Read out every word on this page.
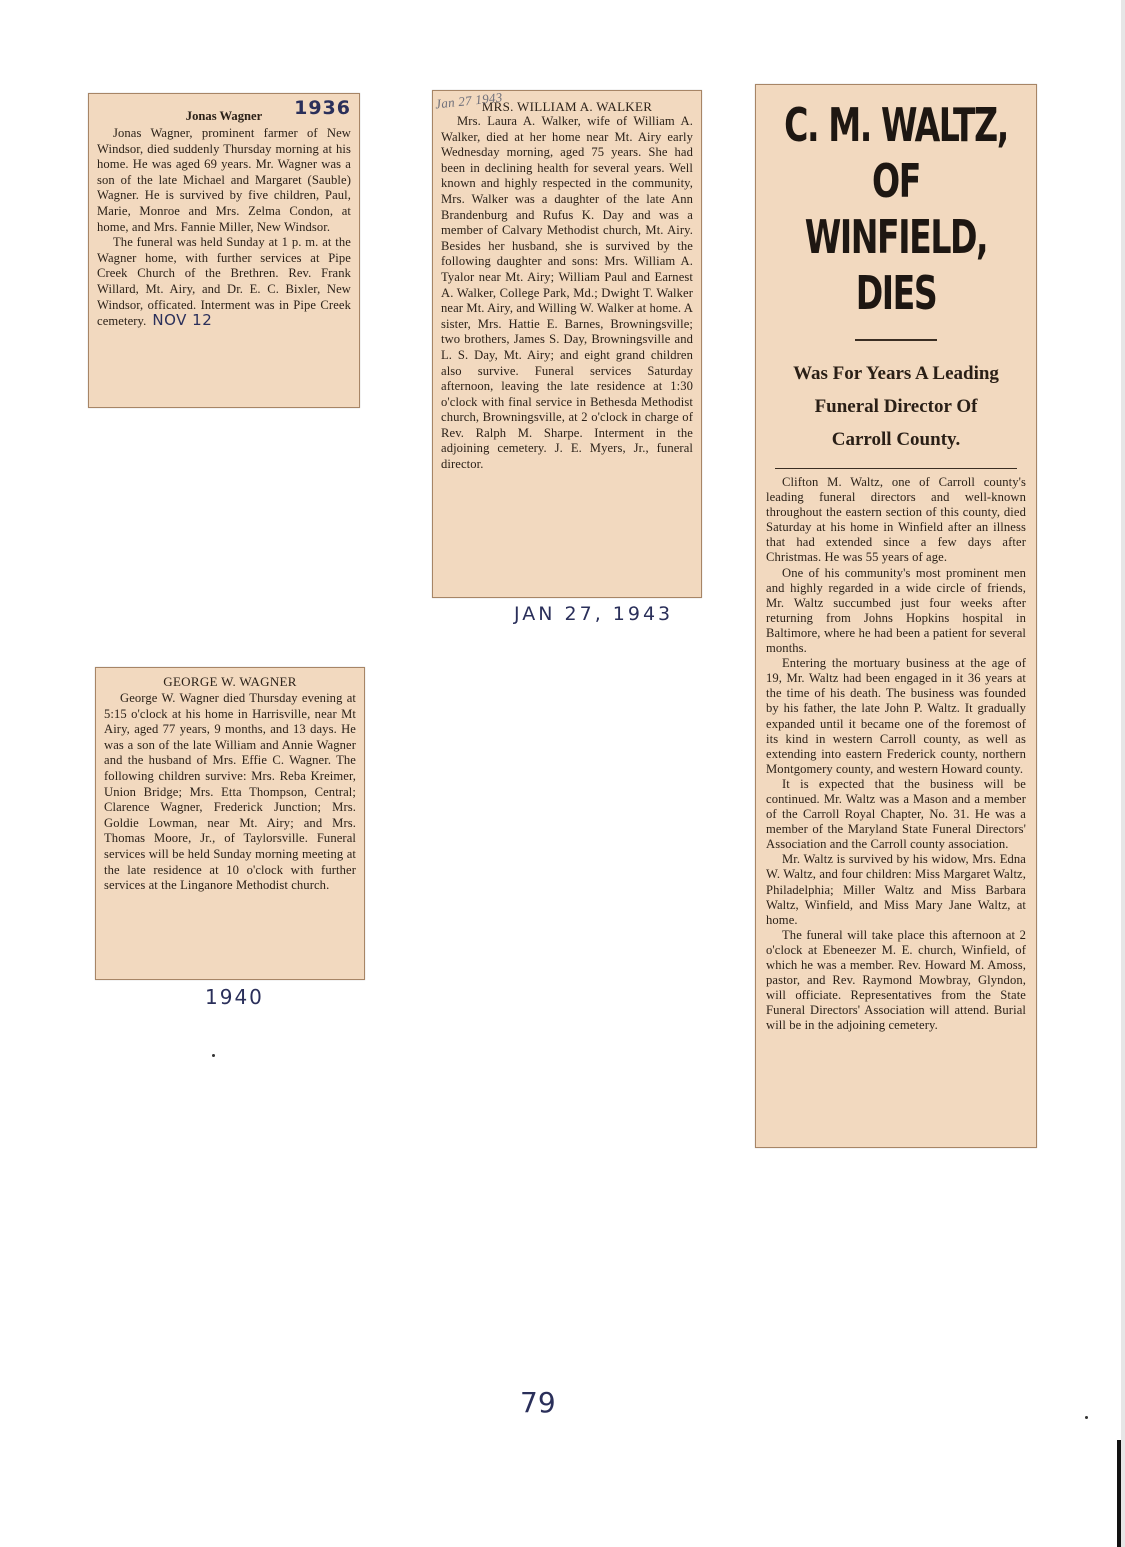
Jonas Wagner 1936

Jonas Wagner, prominent farmer of New Windsor, died suddenly Thursday morning at his home. He was aged 69 years. Mr. Wagner was a son of the late Michael and Margaret (Sauble) Wagner. He is survived by five children, Paul, Marie, Monroe and Mrs. Zelma Condon, at home, and Mrs. Fannie Miller, New Windsor.

The funeral was held Sunday at 1 p. m. at the Wagner home, with further services at Pipe Creek Church of the Brethren. Rev. Frank Willard, Mt. Airy, and Dr. E. C. Bixler, New Windsor, officated. Interment was in Pipe Creek cemetery. NOV 12

Jan 27 1943
MRS. WILLIAM A. WALKER

Mrs. Laura A. Walker, wife of William A. Walker, died at her home near Mt. Airy early Wednesday morning, aged 75 years. She had been in declining health for several years. Well known and highly respected in the community, Mrs. Walker was a daughter of the late Ann Brandenburg and Rufus K. Day and was a member of Calvary Methodist church, Mt. Airy. Besides her husband, she is survived by the following daughter and sons: Mrs. William A. Tyalor near Mt. Airy; William Paul and Earnest A. Walker, College Park, Md.; Dwight T. Walker near Mt. Airy, and Willing W. Walker at home. A sister, Mrs. Hattie E. Barnes, Browningsville; two brothers, James S. Day, Browningsville and L. S. Day, Mt. Airy; and eight grand children also survive. Funeral services Saturday afternoon, leaving the late residence at 1:30 o'clock with final service in Bethesda Methodist church, Browningsville, at 2 o'clock in charge of Rev. Ralph M. Sharpe. Interment in the adjoining cemetery. J. E. Myers, Jr., funeral director.

JAN 27, 1943
GEORGE W. WAGNER

George W. Wagner died Thursday evening at 5:15 o'clock at his home in Harrisville, near Mt Airy, aged 77 years, 9 months, and 13 days. He was a son of the late William and Annie Wagner and the husband of Mrs. Effie C. Wagner. The following children survive: Mrs. Reba Kreimer, Union Bridge; Mrs. Etta Thompson, Central; Clarence Wagner, Frederick Junction; Mrs. Goldie Lowman, near Mt. Airy; and Mrs. Thomas Moore, Jr., of Taylorsville. Funeral services will be held Sunday morning meeting at the late residence at 10 o'clock with further services at the Linganore Methodist church.

1940
C. M. WALTZ, OF
WINFIELD, DIES
Was For Years A Leading
Funeral Director Of
Carroll County.

Clifton M. Waltz, one of Carroll county's leading funeral directors and well-known throughout the eastern section of this county, died Saturday at his home in Winfield after an illness that had extended since a few days after Christmas. He was 55 years of age.

One of his community's most prominent men and highly regarded in a wide circle of friends, Mr. Waltz succumbed just four weeks after returning from Johns Hopkins hospital in Baltimore, where he had been a patient for several months.

Entering the mortuary business at the age of 19, Mr. Waltz had been engaged in it 36 years at the time of his death. The business was founded by his father, the late John P. Waltz. It gradually expanded until it became one of the foremost of its kind in western Carroll county, as well as extending into eastern Frederick county, northern Montgomery county, and western Howard county.

It is expected that the business will be continued. Mr. Waltz was a Mason and a member of the Carroll Royal Chapter, No. 31. He was a member of the Maryland State Funeral Directors' Association and the Carroll county association.

Mr. Waltz is survived by his widow, Mrs. Edna W. Waltz, and four children: Miss Margaret Waltz, Philadelphia; Miller Waltz and Miss Barbara Waltz, Winfield, and Miss Mary Jane Waltz, at home.

The funeral will take place this afternoon at 2 o'clock at Ebeneezer M. E. church, Winfield, of which he was a member. Rev. Howard M. Amoss, pastor, and Rev. Raymond Mowbray, Glyndon, will officiate. Representatives from the State Funeral Directors' Association will attend. Burial will be in the adjoining cemetery.

79
